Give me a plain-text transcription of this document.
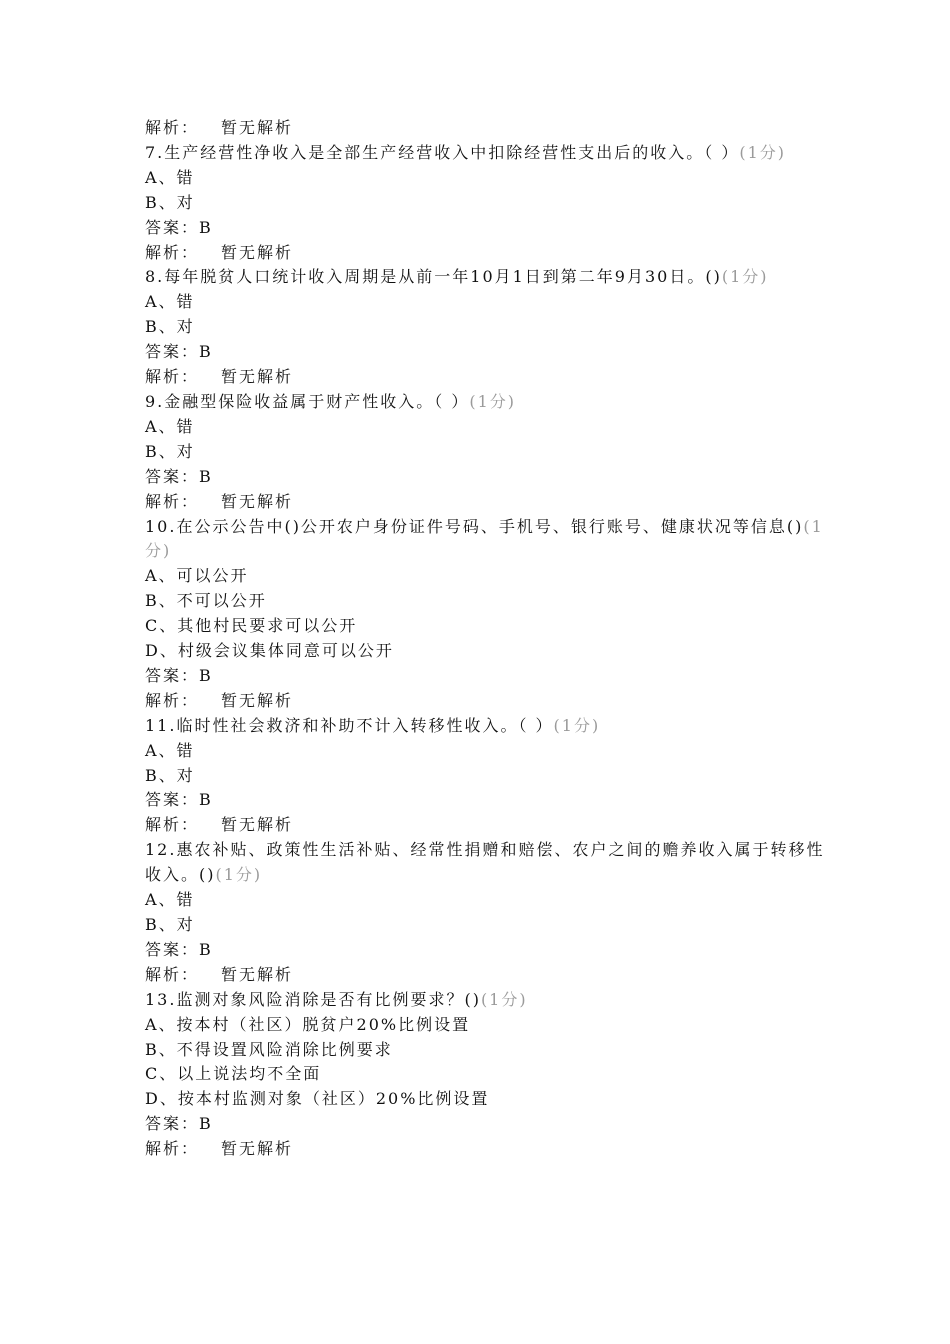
解析： 暂无解析
7.生产经营性净收入是全部生产经营收入中扣除经营性支出后的收入。（ ）(1分)
A、错
B、对
答案：B
解析： 暂无解析
8.每年脱贫人口统计收入周期是从前一年10月1日到第二年9月30日。()(1分)
A、错
B、对
答案：B
解析： 暂无解析
9.金融型保险收益属于财产性收入。（ ）(1分)
A、错
B、对
答案：B
解析： 暂无解析
10.在公示公告中()公开农户身份证件号码、手机号、银行账号、健康状况等信息()(1分)
A、可以公开
B、不可以公开
C、其他村民要求可以公开
D、村级会议集体同意可以公开
答案：B
解析： 暂无解析
11.临时性社会救济和补助不计入转移性收入。（ ）(1分)
A、错
B、对
答案：B
解析： 暂无解析
12.惠农补贴、政策性生活补贴、经常性捐赠和赔偿、农户之间的赡养收入属于转移性收入。()(1分)
A、错
B、对
答案：B
解析： 暂无解析
13.监测对象风险消除是否有比例要求？()(1分)
A、按本村（社区）脱贫户20%比例设置
B、不得设置风险消除比例要求
C、以上说法均不全面
D、按本村监测对象（社区）20%比例设置
答案：B
解析： 暂无解析
